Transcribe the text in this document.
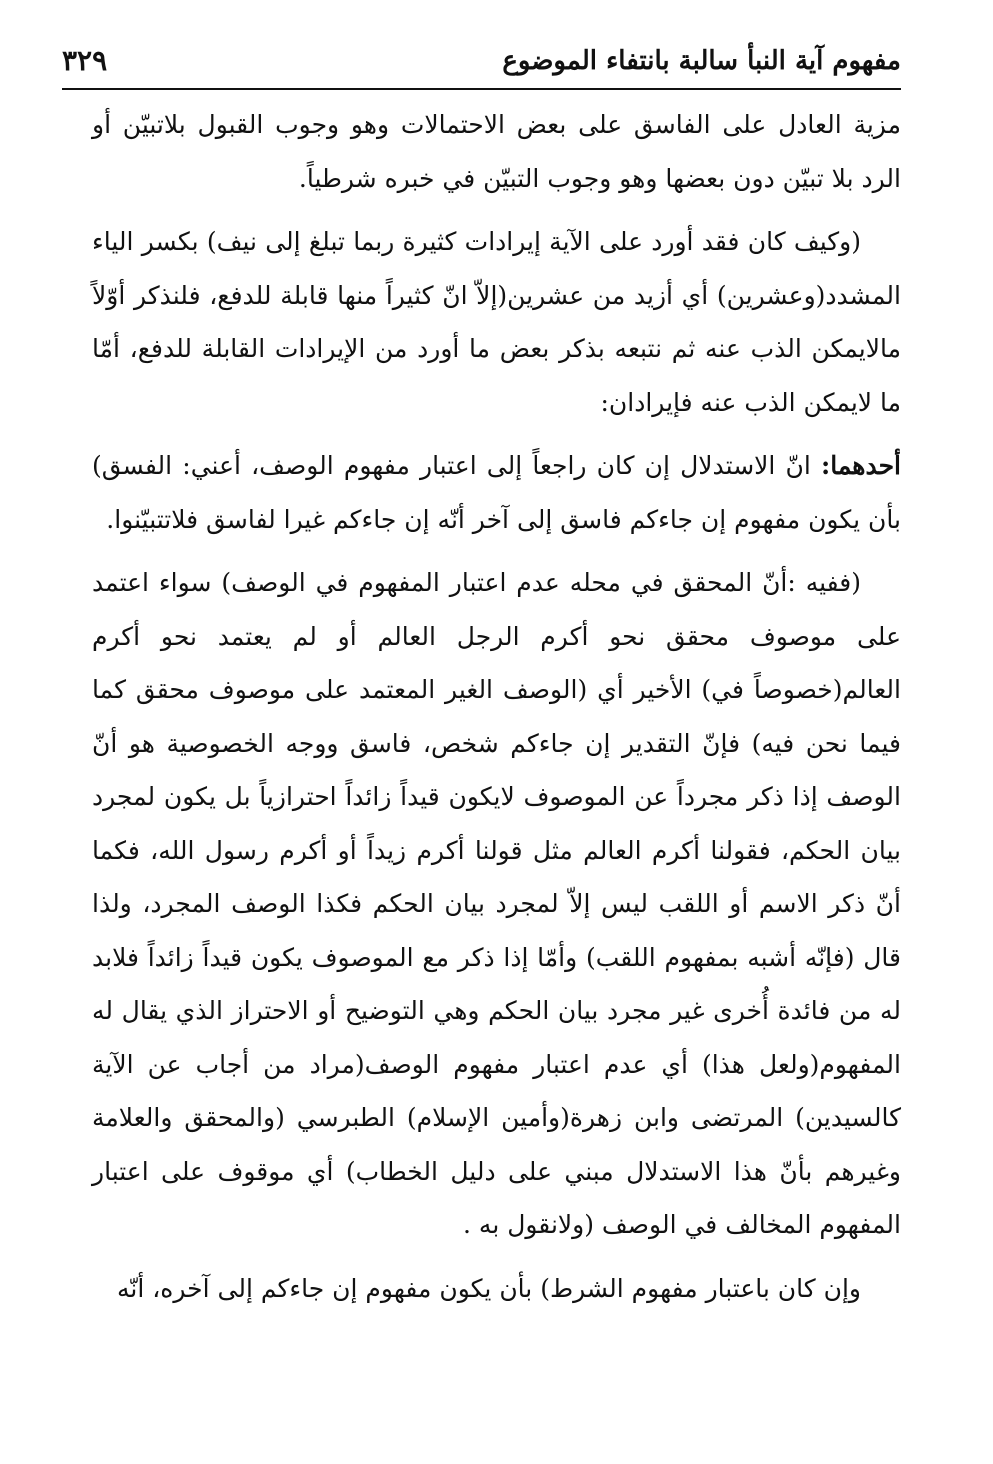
مفهوم آية النبأ سالبة بانتفاء الموضوع
٣٢٩

مزية العادل على الفاسق على بعض الاحتمالات وهو وجوب القبول بلاتبيّن أو الرد بلا تبيّن دون بعضها وهو وجوب التبيّن في خبره شرطياً.

(وكيف كان فقد أورد على الآية إيرادات كثيرة ربما تبلغ إلى نيف) بكسر الياء المشدد(وعشرين) أي أزيد من عشرين(إلاّ انّ كثيراً منها قابلة للدفع، فلنذكر أوّلاً مالايمكن الذب عنه ثم نتبعه بذكر بعض ما أورد من الإيرادات القابلة للدفع، أمّا ما لايمكن الذب عنه فإيرادان:

أحدهما: انّ الاستدلال إن كان راجعاً إلى اعتبار مفهوم الوصف، أعني: الفسق) بأن يكون مفهوم إن جاءكم فاسق إلى آخر أنّه إن جاءكم غيرا لفاسق فلاتتبيّنوا.

(ففيه :أنّ المحقق في محله عدم اعتبار المفهوم في الوصف) سواء اعتمد على موصوف محقق نحو أكرم الرجل العالم أو لم يعتمد نحو أكرم العالم(خصوصاً في) الأخير أي (الوصف الغير المعتمد على موصوف محقق كما فيما نحن فيه) فإنّ التقدير إن جاءكم شخص، فاسق ووجه الخصوصية هو أنّ الوصف إذا ذكر مجرداً عن الموصوف لايكون قيداً زائداً احترازياً بل يكون لمجرد بيان الحكم، فقولنا أكرم العالم مثل قولنا أكرم زيداً أو أكرم رسول الله، فكما أنّ ذكر الاسم أو اللقب ليس إلاّ لمجرد بيان الحكم فكذا الوصف المجرد، ولذا قال (فإنّه أشبه بمفهوم اللقب) وأمّا إذا ذكر مع الموصوف يكون قيداً زائداً فلابد له من فائدة أُخرى غير مجرد بيان الحكم وهي التوضيح أو الاحتراز الذي يقال له المفهوم(ولعل هذا) أي عدم اعتبار مفهوم الوصف(مراد من أجاب عن الآية كالسيدين) المرتضى وابن زهرة(وأمين الإسلام) الطبرسي (والمحقق والعلامة وغيرهم بأنّ هذا الاستدلال مبني على دليل الخطاب) أي موقوف على اعتبار المفهوم المخالف في الوصف (ولانقول به .

وإن كان باعتبار مفهوم الشرط) بأن يكون مفهوم إن جاءكم إلى آخره، أنّه
